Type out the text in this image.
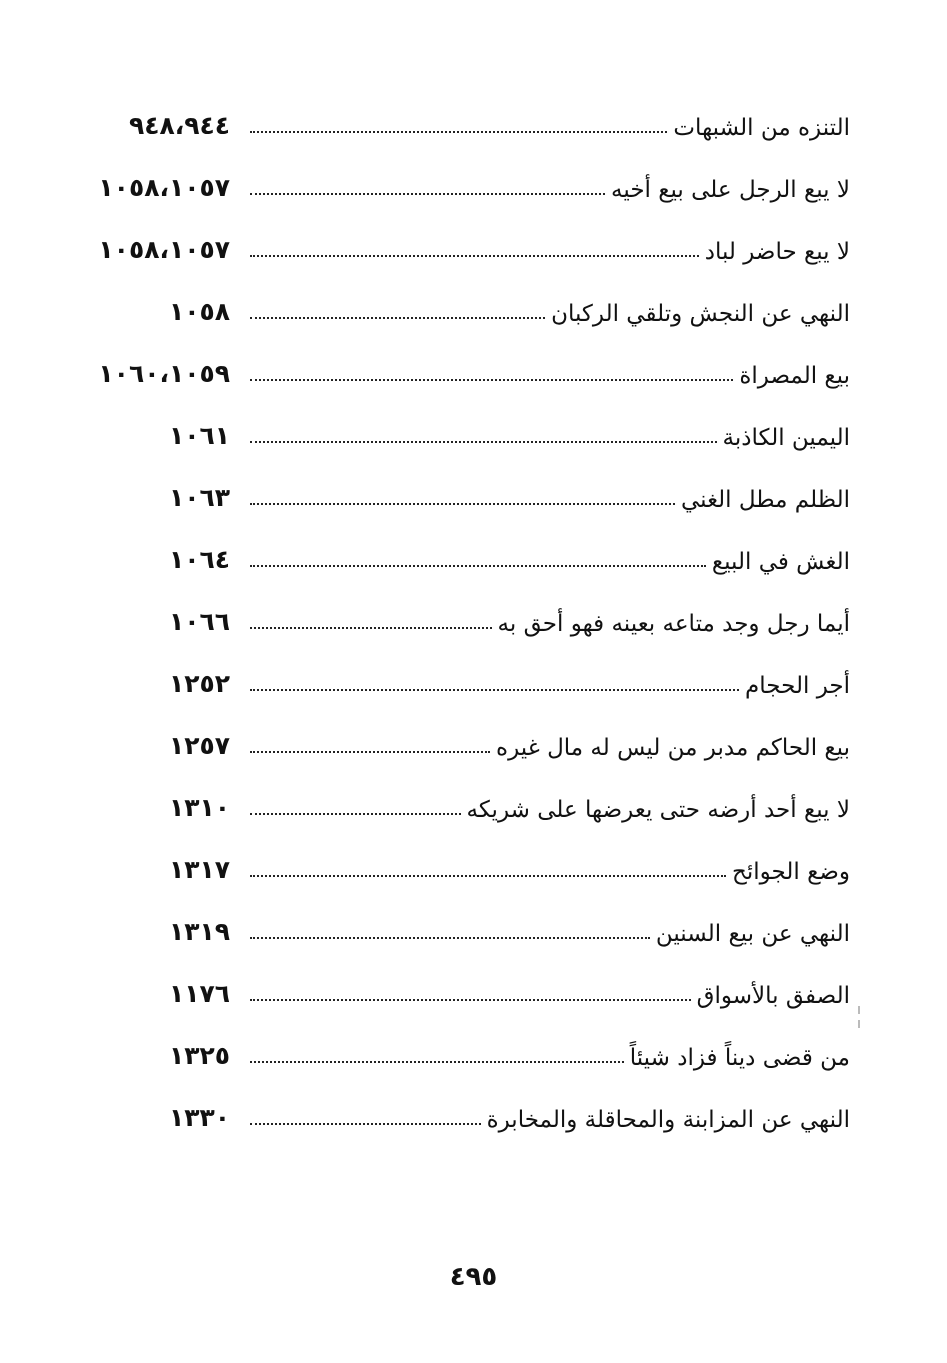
٩٤٨،٩٤٤	التنزه من الشبهات
١٠٥٨،١٠٥٧	لا يبع الرجل على بيع أخيه
١٠٥٨،١٠٥٧	لا يبع حاضر لباد
١٠٥٨	النهي عن النجش وتلقي الركبان
١٠٦٠،١٠٥٩	بيع المصراة
١٠٦١	اليمين الكاذبة
١٠٦٣	الظلم مطل الغني
١٠٦٤	الغش في البيع
١٠٦٦	أيما رجل وجد متاعه بعينه فهو أحق به
١٢٥٢	أجر الحجام
١٢٥٧	بيع الحاكم مدبر من ليس له مال غيره
١٣١٠	لا يبع أحد أرضه حتى يعرضها على شريكه
١٣١٧	وضع الجوائح
١٣١٩	النهي عن بيع السنين
١١٧٦	الصفق بالأسواق
١٣٢٥	من قضى ديناً فزاد شيئاً
١٣٣٠	النهي عن المزابنة والمحاقلة والمخابرة
٤٩٥
